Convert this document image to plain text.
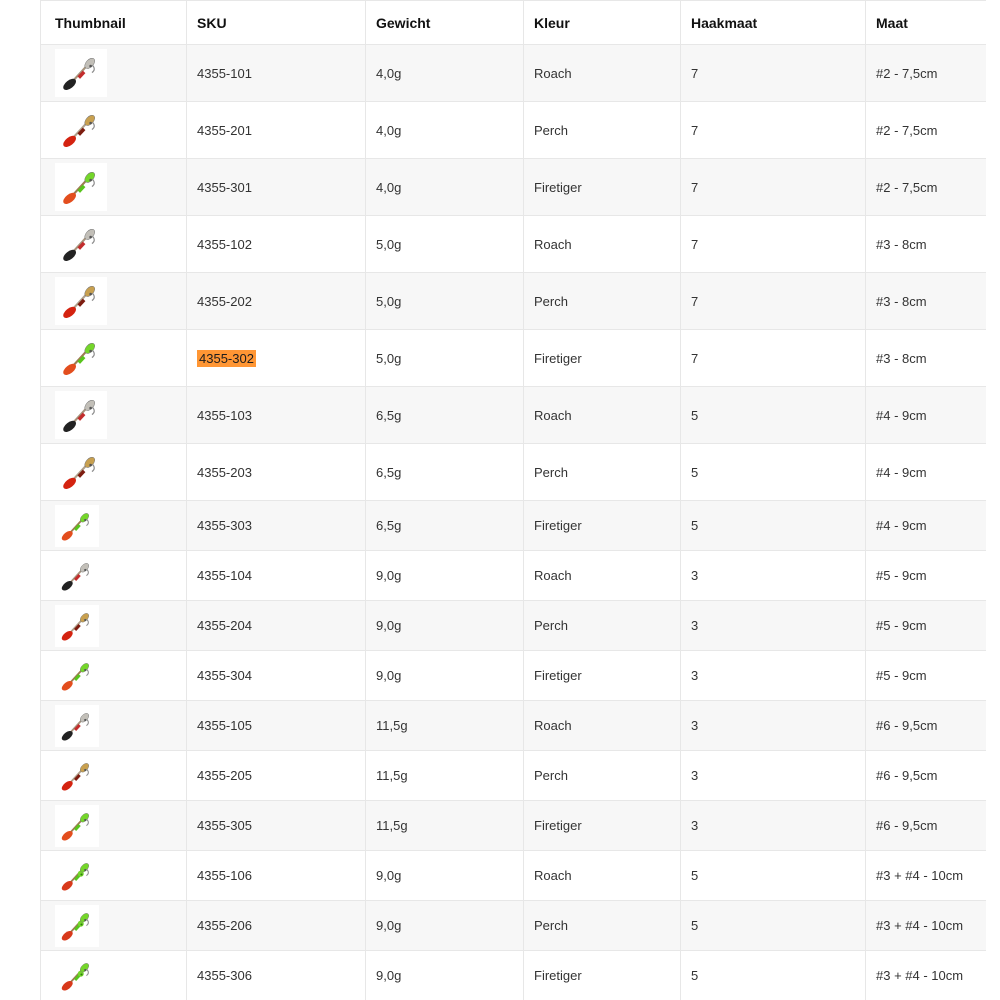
Thumbnail	SKU	Gewicht	Kleur	Haakmaat	Maat

	4355-101	4,0g	Roach	7	#2 - 7,5cm

	4355-201	4,0g	Perch	7	#2 - 7,5cm

	4355-301	4,0g	Firetiger	7	#2 - 7,5cm

	4355-102	5,0g	Roach	7	#3 - 8cm

	4355-202	5,0g	Perch	7	#3 - 8cm

	4355-302	5,0g	Firetiger	7	#3 - 8cm

	4355-103	6,5g	Roach	5	#4 - 9cm

	4355-203	6,5g	Perch	5	#4 - 9cm

	4355-303	6,5g	Firetiger	5	#4 - 9cm

	4355-104	9,0g	Roach	3	#5 - 9cm

	4355-204	9,0g	Perch	3	#5 - 9cm

	4355-304	9,0g	Firetiger	3	#5 - 9cm

	4355-105	11,5g	Roach	3	#6 - 9,5cm

	4355-205	11,5g	Perch	3	#6 - 9,5cm

	4355-305	11,5g	Firetiger	3	#6 - 9,5cm

	4355-106	9,0g	Roach	5	#3 + #4 - 10cm

	4355-206	9,0g	Perch	5	#3 + #4 - 10cm

	4355-306	9,0g	Firetiger	5	#3 + #4 - 10cm
